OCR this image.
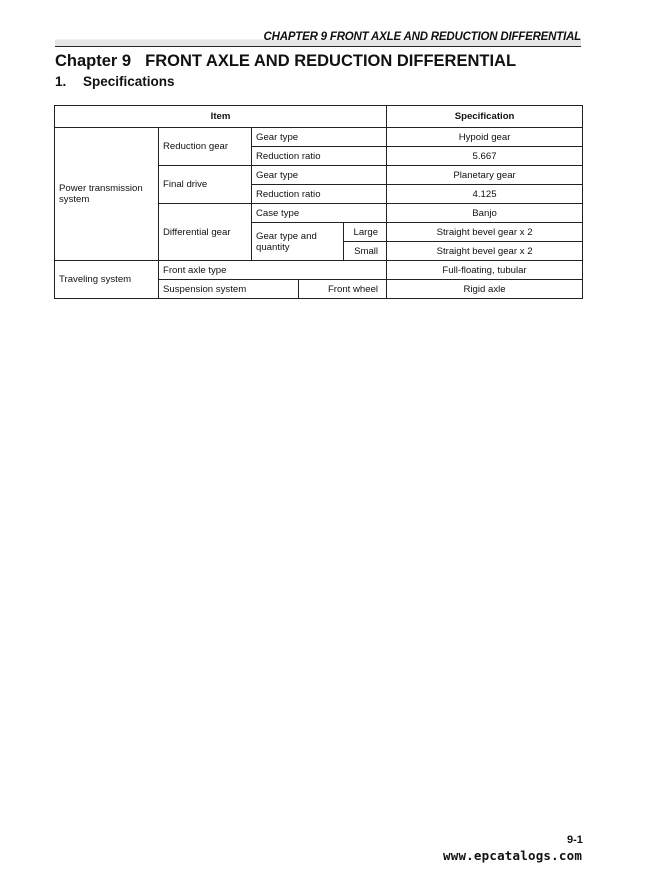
CHAPTER 9 FRONT AXLE AND REDUCTION DIFFERENTIAL
Chapter 9 FRONT AXLE AND REDUCTION DIFFERENTIAL
1. Specifications
Item					Specification
Power transmission system	Reduction gear	Gear type			Hypoid gear
		Reduction ratio			5.667
	Final drive	Gear type			Planetary gear
		Reduction ratio			4.125
	Differential gear	Case type			Banjo
		Gear type and quantity		Large	Straight bevel gear x 2
				Small	Straight bevel gear x 2
Traveling system	Front axle type				Full-floating, tubular
	Suspension system		Front wheel		Rigid axle
9-1
www.epcatalogs.com
